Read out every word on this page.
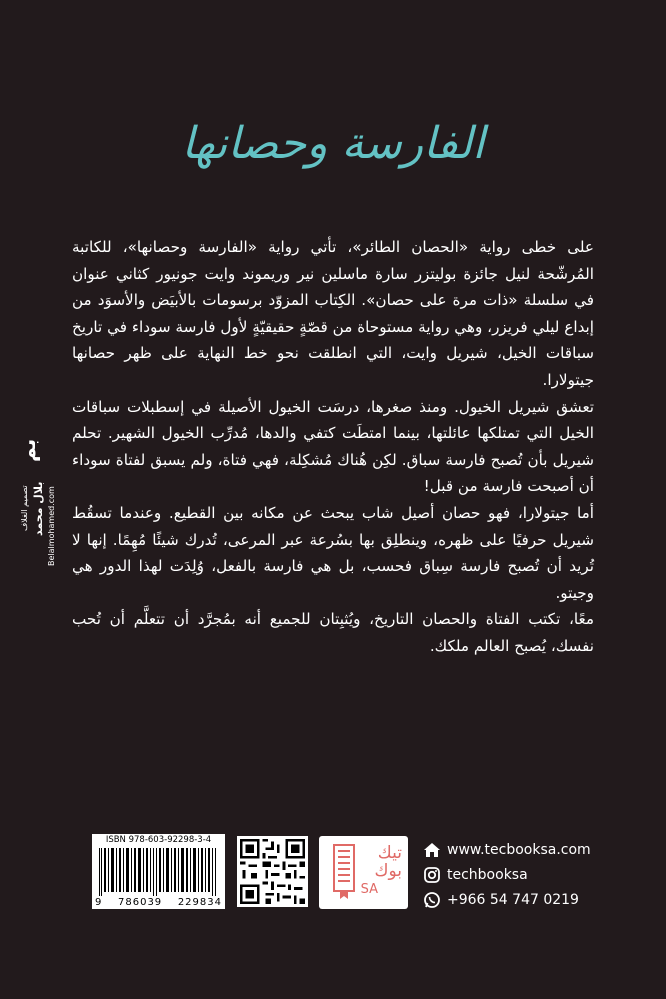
الفارسة وحصانها

على خطى رواية «الحصان الطائر»، تأتي رواية «الفارسة وحصانها»، للكاتبة المُرشّحة لنيل جائزة بوليتزر سارة ماسلين نير وريموند وايت جونيور كثاني عنوان في سلسلة «ذات مرة على حصان». الكِتاب المزوّد برسومات بالأبيَض والأسوَد من إبداع ليلي فريزر، وهي رواية مستوحاة من قصّةٍ حقيقيّةٍ لأول فارسة سوداء في تاريخ سباقات الخيل، شيريل وايت، التي انطلقت نحو خط النهاية على ظهر حصانها جيتولارا.

تعشق شيريل الخيول. ومنذ صغرها، درسَت الخيول الأصيلة في إسطبلات سباقات الخيل التي تمتلكها عائلتها، بينما امتطَت كتفي والدها، مُدرِّب الخيول الشهير. تحلم شيريل بأن تُصبح فارسة سباق. لكِن هُناك مُشكِلة، فهي فتاة، ولم يسبق لفتاة سوداء أن أصبحت فارسة من قبل!

أما جيتولارا، فهو حصان أصيل شاب يبحث عن مكانه بين القطيع. وعندما تسقُط شيريل حرفيًا على ظهره، وينطلِق بها بسُرعة عبر المرعى، تُدرك شيئًا مُهِمًا. إنها لا تُريد أن تُصبح فارسة سِباق فحسب، بل هي فارسة بالفعل، وُلِدَت لهذا الدور هي وجيتو.

معًا، تكتب الفتاة والحصان التاريخ، ويُثبِتان للجميع أنه بمُجرَّد أن تتعلَّم أن تُحب نفسك، يُصبح العالم ملكك.

بم
تصميم الغلاف بلال محمد Belalmohamed.com
ISBN 978-603-92298-3-4
9 786039 229834
تيك
بوك
SA
www.tecbooksa.com
techbooksa
+966 54 747 0219
